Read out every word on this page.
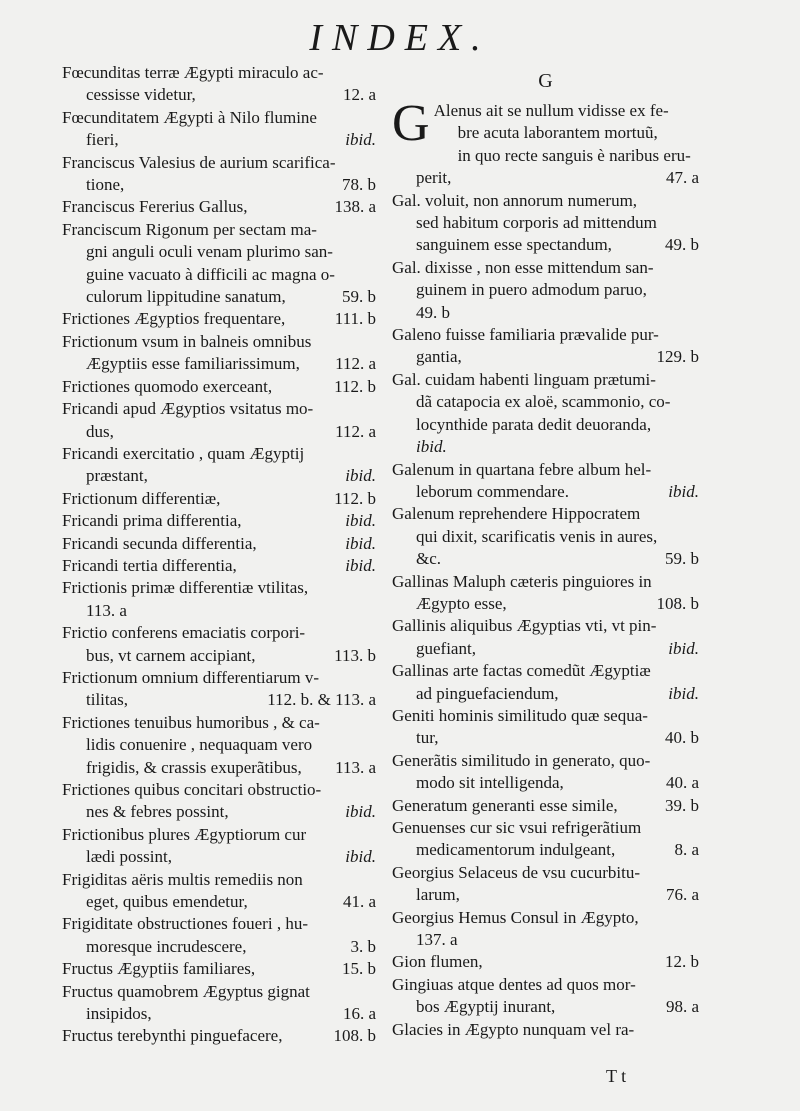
INDEX.
Fœcunditas terræ Ægypti miraculo ac-
cessisse videtur,	12. a
Fœcunditatem Ægypti à Nilo flumine
fieri,	ibid.
Franciscus Valesius de aurium scarifica-
tione,	78. b
Franciscus Fererius Gallus,	138. a
Franciscum Rigonum per sectam ma-
gni anguli oculi venam plurimo san-
guine vacuato à difficili ac magna o-
culorum lippitudine sanatum,	59. b
Frictiones Ægyptios frequentare,	111. b
Frictionum vsum in balneis omnibus
Ægyptiis esse familiarissimum,	112. a
Frictiones quomodo exerceant,	112. b
Fricandi apud Ægyptios vsitatus mo-
dus,	112. a
Fricandi exercitatio , quam Ægyptij
præstant,	ibid.
Frictionum differentiæ,	112. b
Fricandi prima differentia,	ibid.
Fricandi secunda differentia,	ibid.
Fricandi tertia differentia,	ibid.
Frictionis primæ differentiæ vtilitas,
113. a
Frictio conferens emaciatis corpori-
bus, vt carnem accipiant,	113. b
Frictionum omnium differentiarum v-
tilitas,	112. b. & 113. a
Frictiones tenuibus humoribus , & ca-
lidis conuenire , nequaquam vero
frigidis, & crassis exuperãtibus,	113. a
Frictiones quibus concitari obstructio-
nes & febres possint,	ibid.
Frictionibus plures Ægyptiorum cur
lædi possint,	ibid.
Frigiditas aëris multis remediis non
eget, quibus emendetur,	41. a
Frigiditate obstructiones foueri , hu-
moresque incrudescere,	3. b
Fructus Ægyptiis familiares,	15. b
Fructus quamobrem Ægyptus gignat
insipidos,	16. a
Fructus terebynthi pinguefacere,	108. b
G
G Alenus ait se nullum vidisse ex fe-
bre acuta laborantem mortuũ,
in quo recte sanguis è naribus eru-
perit,	47. a
Gal. voluit, non annorum numerum,
sed habitum corporis ad mittendum
sanguinem esse spectandum,	49. b
Gal. dixisse , non esse mittendum san-
guinem in puero admodum paruo,
49. b
Galeno fuisse familiaria prævalide pur-
gantia,	129. b
Gal. cuidam habenti linguam prætumi-
dã catapocia ex aloë, scammonio, co-
locynthide parata dedit deuoranda,
ibid.
Galenum in quartana febre album hel-
leborum commendare.	ibid.
Galenum reprehendere Hippocratem
qui dixit, scarificatis venis in aures,
&c.	59. b
Gallinas Maluph cæteris pinguiores in
Ægypto esse,	108. b
Gallinis aliquibus Ægyptias vti, vt pin-
guefiant,	ibid.
Gallinas arte factas comedũt Ægyptiæ
ad pinguefaciendum,	ibid.
Geniti hominis similitudo quæ sequa-
tur,	40. b
Generãtis similitudo in generato, quo-
modo sit intelligenda,	40. a
Generatum generanti esse simile,	39. b
Genuenses cur sic vsui refrigerãtium
medicamentorum indulgeant,	8. a
Georgius Selaceus de vsu cucurbitu-
larum,	76. a
Georgius Hemus Consul in Ægypto,
137. a
Gion flumen,	12. b
Gingiuas atque dentes ad quos mor-
bos Ægyptij inurant,	98. a
Glacies in Ægypto nunquam vel ra-
T t
